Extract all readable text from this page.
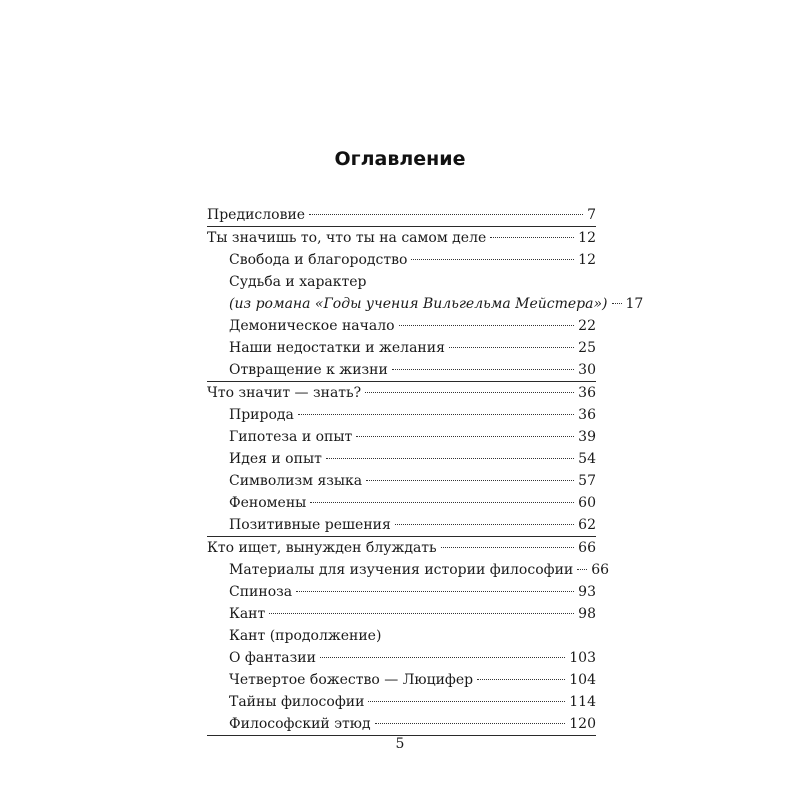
Оглавление
Предисловие	7
Ты значишь то, что ты на самом деле	12
Свобода и благородство	12
Судьба и характер
(из романа «Годы учения Вильгельма Мейстера») 17
Демоническое начало	22
Наши недостатки и желания	25
Отвращение к жизни	30
Что значит — знать?	36
Природа	36
Гипотеза и опыт	39
Идея и опыт	54
Символизм языка	57
Феномены	60
Позитивные решения	62
Кто ищет, вынужден блуждать	66
Материалы для изучения истории философии 66
Спиноза	93
Кант	98
Кант (продолжение)
О фантазии	103
Четвертое божество — Люцифер	104
Тайны философии	114
Философский этюд	120
5
